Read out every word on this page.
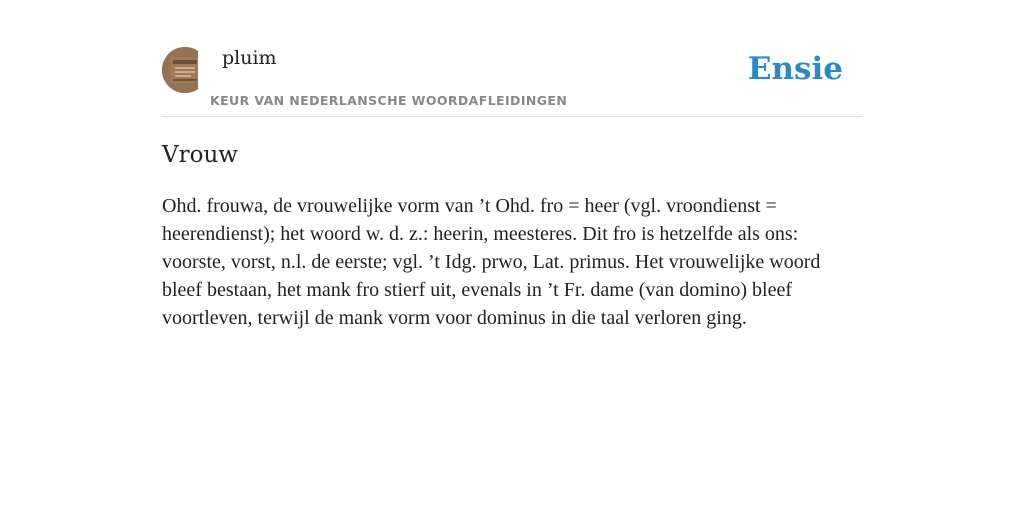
pluim
KEUR VAN NEDERLANSCHE WOORDAFLEIDINGEN
Ensie
Vrouw

Ohd. frouwa, de vrouwelijke vorm van ’t Ohd. fro = heer (vgl. vroondienst = heerendienst); het woord w. d. z.: heerin, meesteres. Dit fro is hetzelfde als ons: voorste, vorst, n.l. de eerste; vgl. ’t Idg. prwo, Lat. primus. Het vrouwelijke woord bleef bestaan, het mank fro stierf uit, evenals in ’t Fr. dame (van domino) bleef voortleven, terwijl de mank vorm voor dominus in die taal verloren ging.
